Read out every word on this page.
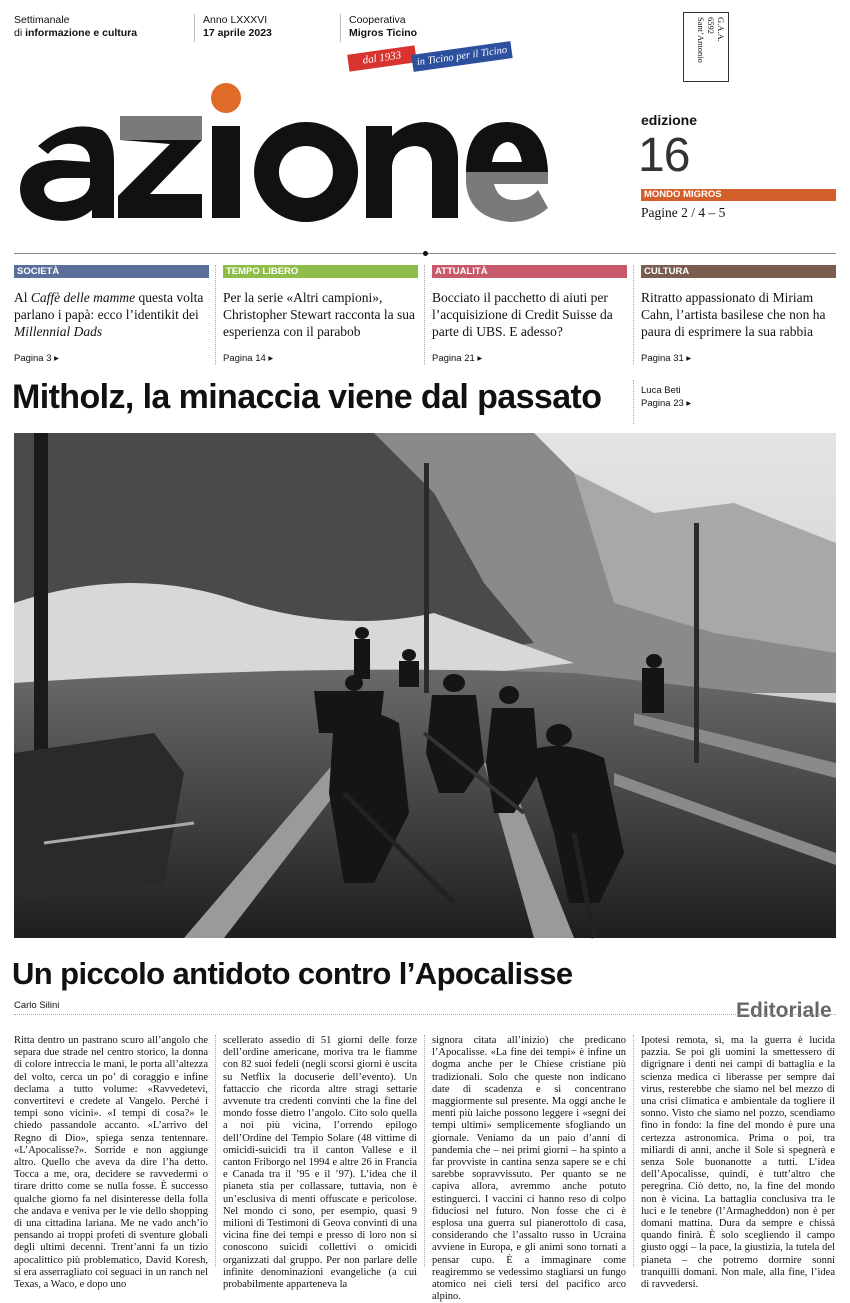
Settimanale
di informazione e cultura
Anno LXXXVI
17 aprile 2023
Cooperativa
Migros Ticino
dal 1933	in Ticino per il Ticino
G.A.A.
6592
Sant’Antonio
edizione
16
MONDO MIGROS
Pagine 2 / 4 – 5
SOCIETÀ
Al Caffè delle mamme questa volta parlano i papà: ecco l’identikit dei Millennial Dads
Pagina 3 ▸
TEMPO LIBERO
Per la serie «Altri campioni», Christopher Stewart racconta la sua esperienza con il parabob
Pagina 14 ▸
ATTUALITÀ
Bocciato il pacchetto di aiuti per l’acquisizione di Credit Suisse da parte di UBS. E adesso?
Pagina 21 ▸
CULTURA
Ritratto appassionato di Miriam Cahn, l’artista basilese che non ha paura di esprimere la sua rabbia
Pagina 31 ▸
Mitholz, la minaccia viene dal passato	Luca Beti
Pagina 23 ▸
Un piccolo antidoto contro l’Apocalisse
Carlo Silini	Editoriale
Ritta dentro un pastrano scuro all’angolo che separa due strade nel centro storico, la donna di colore intreccia le mani, le porta all’altezza del volto, cerca un po’ di coraggio e infine declama a tutto volume: «Ravvedetevi, convertitevi e credete al Vangelo. Perché i tempi sono vicini». «I tempi di cosa?» le chiedo passandole accanto. «L’arrivo del Regno di Dio», spiega senza tentennare. «L’Apocalisse?». Sorride e non aggiunge altro. Quello che aveva da dire l’ha detto. Tocca a me, ora, decidere se ravvedermi o tirare dritto come se nulla fosse. È successo qualche giorno fa nel disinteresse della folla che andava e veniva per le vie dello shopping di una cittadina lariana. Me ne vado anch’io pensando ai troppi profeti di sventure globali degli ultimi decenni. Trent’anni fa un tizio apocalittico più problematico, David Koresh, si era asserragliato coi seguaci in un ranch nel Texas, a Waco, e dopo uno
scellerato assedio di 51 giorni delle forze dell’ordine americane, moriva tra le fiamme con 82 suoi fedeli (negli scorsi giorni è uscita su Netflix la docuserie dell’evento). Un fattaccio che ricorda altre stragi settarie avvenute tra credenti convinti che la fine del mondo fosse dietro l’angolo. Cito solo quella a noi più vicina, l’orrendo epilogo dell’Ordine del Tempio Solare (48 vittime di omicidi-suicidi tra il canton Vallese e il canton Friborgo nel 1994 e altre 26 in Francia e Canada tra il ’95 e il ’97). L’idea che il pianeta stia per collassare, tuttavia, non è un’esclusiva di menti offuscate e pericolose. Nel mondo ci sono, per esempio, quasi 9 milioni di Testimoni di Geova convinti di una vicina fine dei tempi e presso di loro non si conoscono suicidi collettivi o omicidi organizzati dal gruppo. Per non parlare delle infinite denominazioni evangeliche (a cui probabilmente apparteneva la
signora citata all’inizio) che predicano l’Apocalisse. «La fine dei tempi» è infine un dogma anche per le Chiese cristiane più tradizionali. Solo che queste non indicano date di scadenza e si concentrano maggiormente sul presente. Ma oggi anche le menti più laiche possono leggere i «segni dei tempi ultimi» semplicemente sfogliando un giornale. Veniamo da un paio d’anni di pandemia che – nei primi giorni – ha spinto a far provviste in cantina senza sapere se e chi sarebbe sopravvissuto. Per quanto se ne capiva allora, avremmo anche potuto estinguerci. I vaccini ci hanno reso di colpo fiduciosi nel futuro. Non fosse che ci è esplosa una guerra sul pianerottolo di casa, considerando che l’assalto russo in Ucraina avviene in Europa, e gli animi sono tornati a pensar cupo. È a immaginare come reagiremmo se vedessimo stagliarsi un fungo atomico nei cieli tersi del pacifico arco alpino.
Ipotesi remota, sì, ma la guerra è lucida pazzia. Se poi gli uomini la smettessero di digrignare i denti nei campi di battaglia e la scienza medica ci liberasse per sempre dai virus, resterebbe che siamo nel bel mezzo di una crisi climatica e ambientale da togliere il sonno. Visto che siamo nel pozzo, scendiamo fino in fondo: la fine del mondo è pure una certezza astronomica. Prima o poi, tra miliardi di anni, anche il Sole si spegnerà e senza Sole buonanotte a tutti. L’idea dell’Apocalisse, quindi, è tutt’altro che peregrina. Ciò detto, no, la fine del mondo non è vicina. La battaglia conclusiva tra le luci e le tenebre (l’Armagheddon) non è per domani mattina. Dura da sempre e chissà quando finirà. È solo scegliendo il campo giusto oggi – la pace, la giustizia, la tutela del pianeta – che potremo dormire sonni tranquilli domani. Non male, alla fine, l’idea di ravvedersi.
